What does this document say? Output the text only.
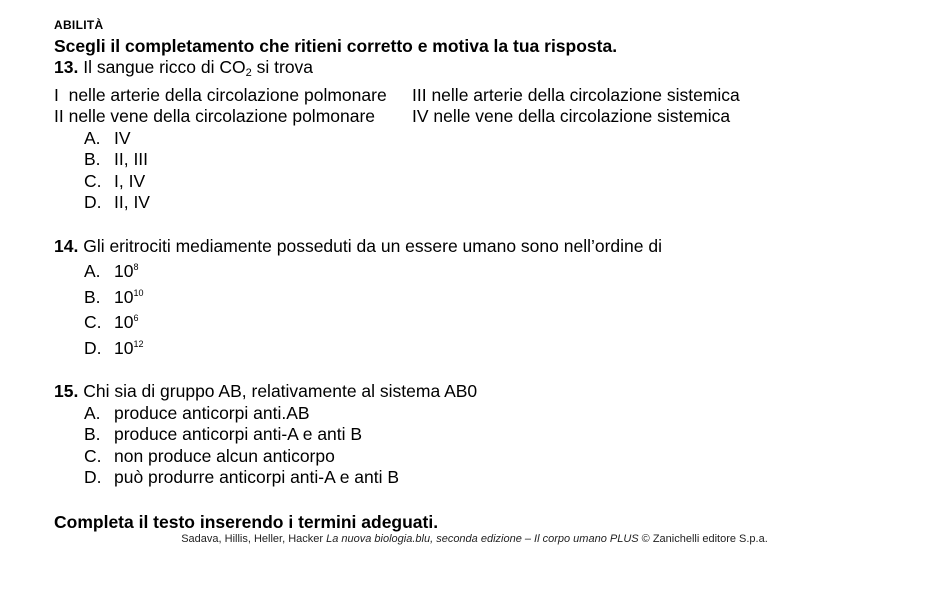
ABILITÀ
Scegli il completamento che ritieni corretto e motiva la tua risposta.
13. Il sangue ricco di $CO_2$ si trova
I  nelle arterie della circolazione polmonare	III nelle arterie della circolazione sistemica
II nelle vene della circolazione polmonare	IV nelle vene della circolazione sistemica
A. IV
B. II, III
C. I, IV
D. II, IV
14. Gli eritrociti mediamente posseduti da un essere umano sono nell’ordine di
A. $10^8$
B. $10^{10}$
C. $10^6$
D. $10^{12}$
15. Chi sia di gruppo AB, relativamente al sistema AB0
A. produce anticorpi anti.AB
B. produce anticorpi anti-A e anti B
C. non produce alcun anticorpo
D. può produrre anticorpi anti-A e anti B
Completa il testo inserendo i termini adeguati.
Sadava, Hillis, Heller, Hacker La nuova biologia.blu, seconda edizione – Il corpo umano PLUS © Zanichelli editore S.p.a.
